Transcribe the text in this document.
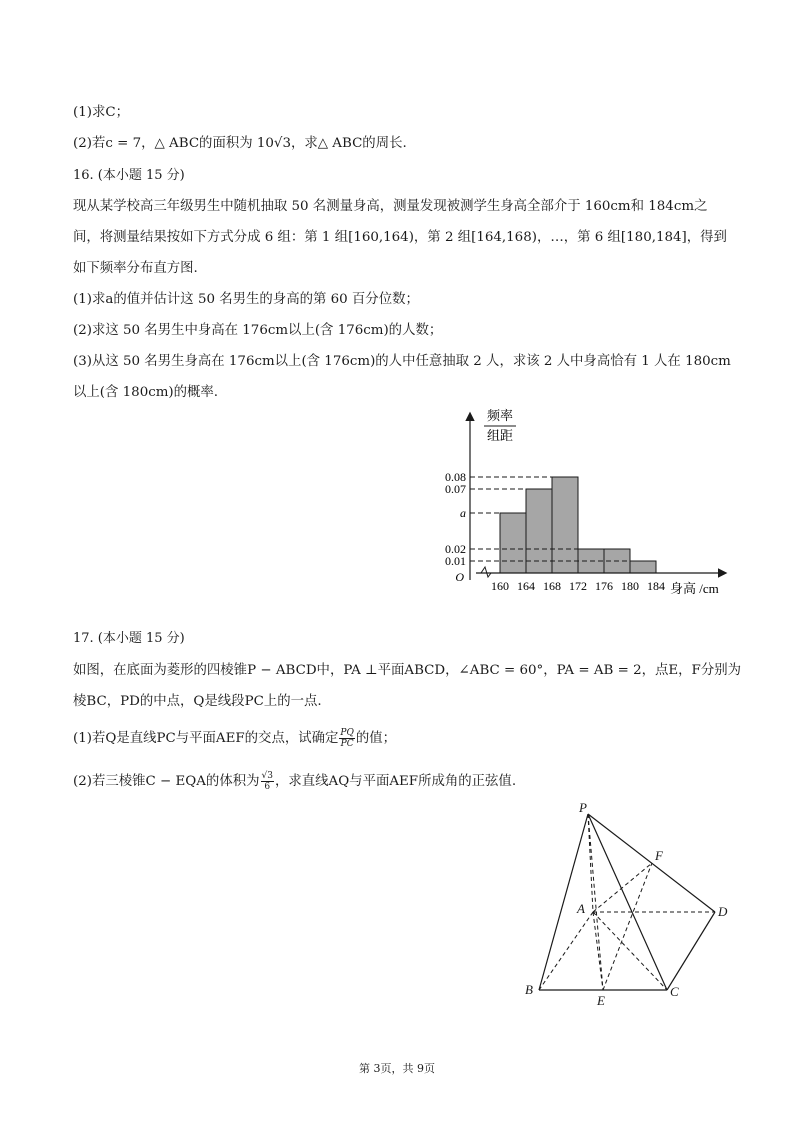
(1)求C；
(2)若c = 7，△ ABC的面积为 10√3，求△ ABC的周长.
16. (本小题 15 分)
现从某学校高三年级男生中随机抽取 50 名测量身高，测量发现被测学生身高全部介于 160cm和 184cm之
间，将测量结果按如下方式分成 6 组：第 1 组[160,164)，第 2 组[164,168)，…，第 6 组[180,184]，得到
如下频率分布直方图.
(1)求a的值并估计这 50 名男生的身高的第 60 百分位数；
(2)求这 50 名男生中身高在 176cm以上(含 176cm)的人数；
(3)从这 50 名男生身高在 176cm以上(含 176cm)的人中任意抽取 2 人，求该 2 人中身高恰有 1 人在 180cm
以上(含 180cm)的概率.
频率
组距
O
0.08
0.07
a
0.02
0.01
160 164 168 172 176 180 184 身高 /cm
17. (本小题 15 分)
如图，在底面为菱形的四棱锥P − ABCD中，PA ⊥平面ABCD，∠ABC = 60°，PA = AB = 2，点E，F分别为
棱BC，PD的中点，Q是线段PC上的一点.
(1)若Q是直线PC与平面AEF的交点，试确定 $\frac{PQ}{PC}$ 的值；
(2)若三棱锥C − EQA的体积为 $\frac{√3}{6}$ ，求直线AQ与平面AEF所成角的正弦值.
P
F
A	D
B
E
C
第 3页，共 9页
